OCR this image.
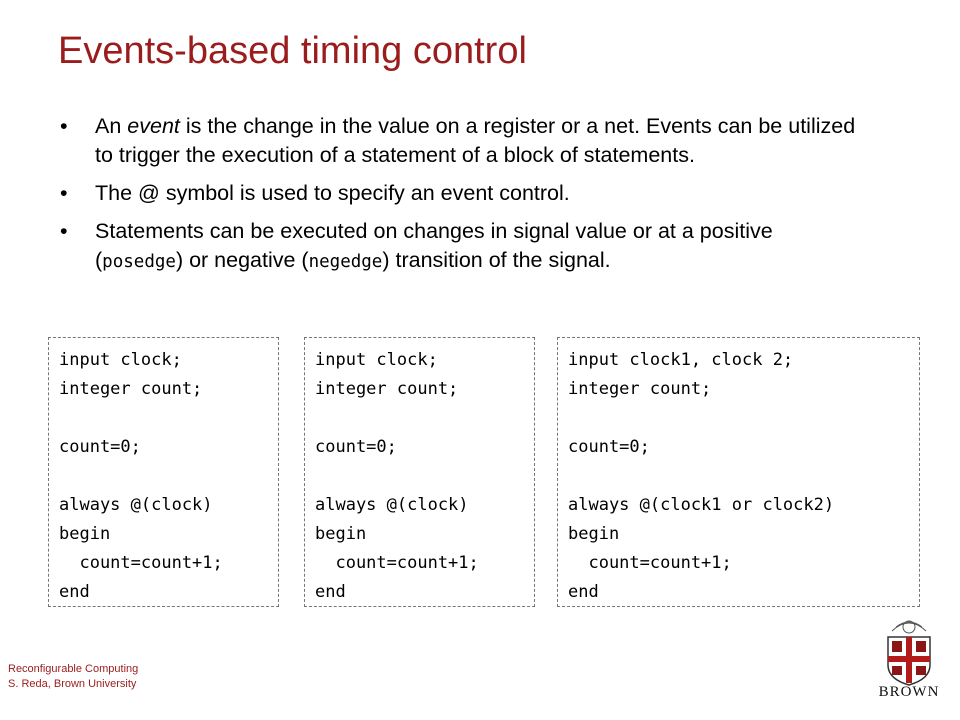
Events-based timing control
• An event is the change in the value on a register or a net. Events can be utilized to trigger the execution of a statement of a block of statements.
• The @ symbol is used to specify an event control.
• Statements can be executed on changes in signal value or at a positive (posedge) or negative (negedge) transition of the signal.
input clock;
integer count;

count=0;

always @(clock)
begin
count=count+1;
end
input clock;
integer count;

count=0;

always @(clock)
begin
count=count+1;
end
input clock1, clock 2;
integer count;

count=0;

always @(clock1 or clock2)
begin
count=count+1;
end
Reconfigurable Computing
S. Reda, Brown University	BROWN
